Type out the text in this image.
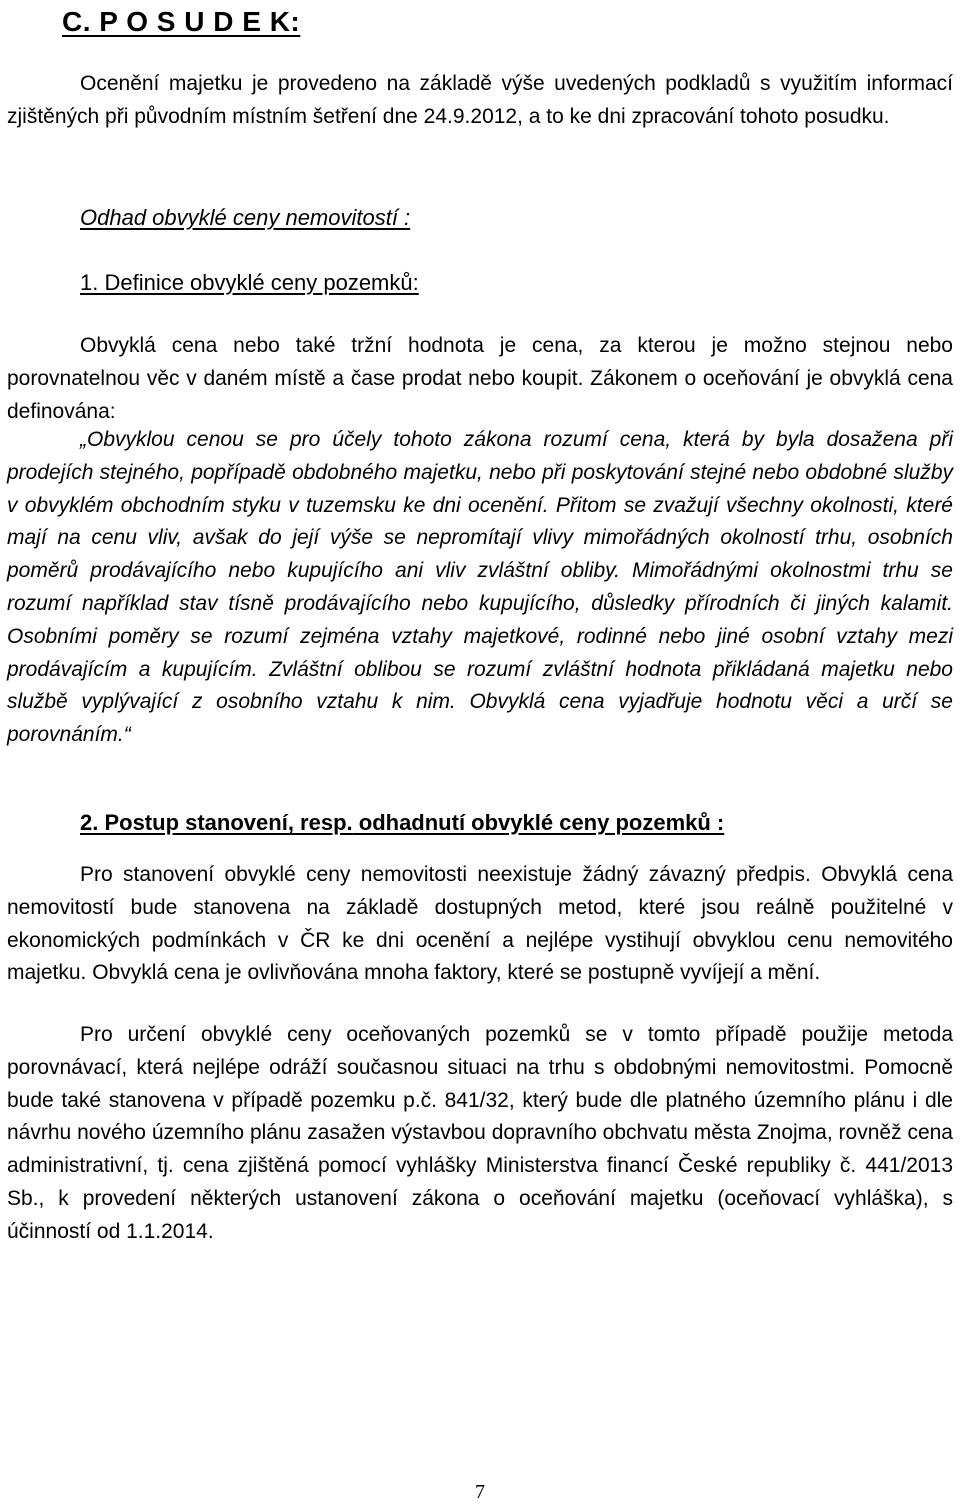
C. P O S U D E K:

Ocenění majetku je provedeno na základě výše uvedených podkladů s využitím informací zjištěných při původním místním šetření dne 24.9.2012, a to ke dni zpracování tohoto posudku.

Odhad obvyklé ceny nemovitostí :
1. Definice obvyklé ceny pozemků:

Obvyklá cena nebo také tržní hodnota je cena, za kterou je možno stejnou nebo porovnatelnou věc v daném místě a čase prodat nebo koupit. Zákonem o oceňování je obvyklá cena definována:

„Obvyklou cenou se pro účely tohoto zákona rozumí cena, která by byla dosažena při prodejích stejného, popřípadě obdobného majetku, nebo při poskytování stejné nebo obdobné služby v obvyklém obchodním styku v tuzemsku ke dni ocenění. Přitom se zvažují všechny okolnosti, které mají na cenu vliv, avšak do její výše se nepromítají vlivy mimořádných okolností trhu, osobních poměrů prodávajícího nebo kupujícího ani vliv zvláštní obliby. Mimořádnými okolnostmi trhu se rozumí například stav tísně prodávajícího nebo kupujícího, důsledky přírodních či jiných kalamit. Osobními poměry se rozumí zejména vztahy majetkové, rodinné nebo jiné osobní vztahy mezi prodávajícím a kupujícím. Zvláštní oblibou se rozumí zvláštní hodnota přikládaná majetku nebo službě vyplývající z osobního vztahu k nim. Obvyklá cena vyjadřuje hodnotu věci a určí se porovnáním.“

2. Postup stanovení, resp. odhadnutí obvyklé ceny pozemků :

Pro stanovení obvyklé ceny nemovitosti neexistuje žádný závazný předpis. Obvyklá cena nemovitostí bude stanovena na základě dostupných metod, které jsou reálně použitelné v ekonomických podmínkách v ČR ke dni ocenění a nejlépe vystihují obvyklou cenu nemovitého majetku. Obvyklá cena je ovlivňována mnoha faktory, které se postupně vyvíjejí a mění.

Pro určení obvyklé ceny oceňovaných pozemků se v tomto případě použije metoda porovnávací, která nejlépe odráží současnou situaci na trhu s obdobnými nemovitostmi. Pomocně bude také stanovena v případě pozemku p.č. 841/32, který bude dle platného územního plánu i dle návrhu nového územního plánu zasažen výstavbou dopravního obchvatu města Znojma, rovněž cena administrativní, tj. cena zjištěná pomocí vyhlášky Ministerstva financí České republiky č. 441/2013 Sb., k provedení některých ustanovení zákona o oceňování majetku (oceňovací vyhláška), s účinností od 1.1.2014.

7
